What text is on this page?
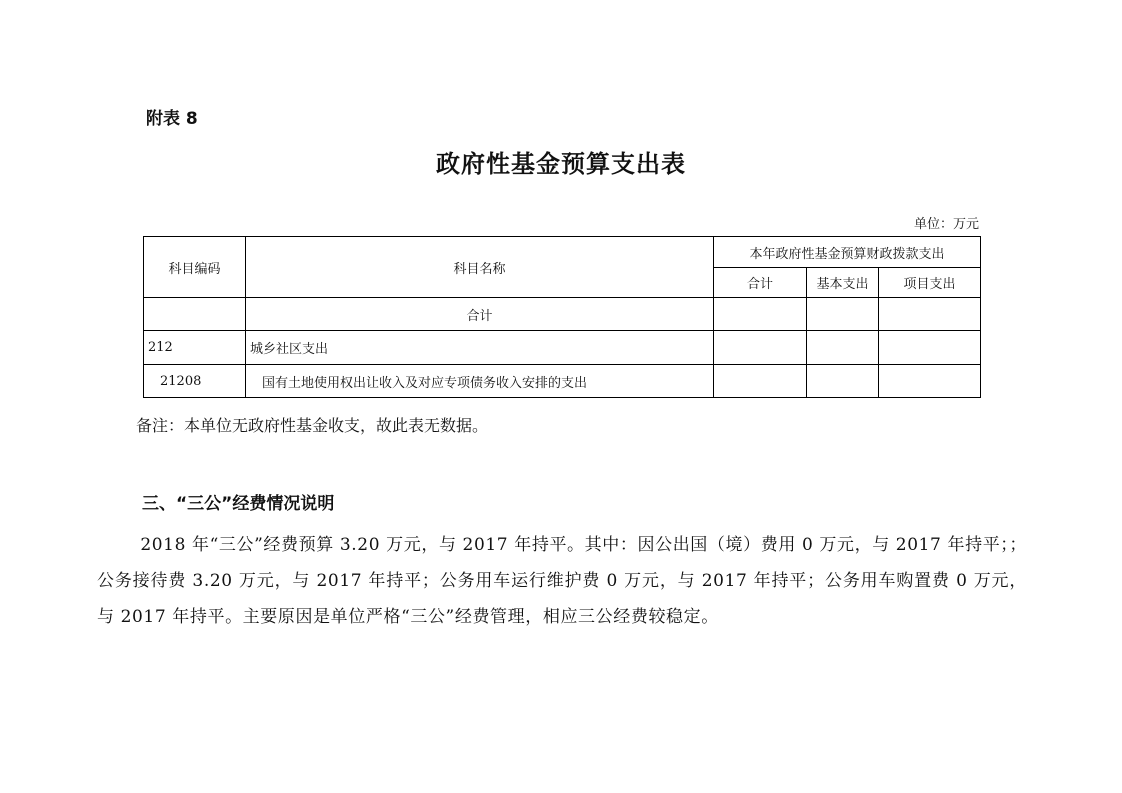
附表 8
政府性基金预算支出表
单位：万元
科目编码	科目名称	本年政府性基金预算财政拨款支出		
		合计	基本支出	项目支出
	合计			
212	城乡社区支出			
21208	国有土地使用权出让收入及对应专项债务收入安排的支出			
备注：本单位无政府性基金收支，故此表无数据。
三、“三公”经费情况说明
2018 年“三公”经费预算 3.20 万元，与 2017 年持平。其中：因公出国（境）费用 0 万元，与 2017 年持平；；公务接待费 3.20 万元，与 2017 年持平；公务用车运行维护费 0 万元，与 2017 年持平；公务用车购置费 0 万元，与 2017 年持平。主要原因是单位严格“三公”经费管理，相应三公经费较稳定。
